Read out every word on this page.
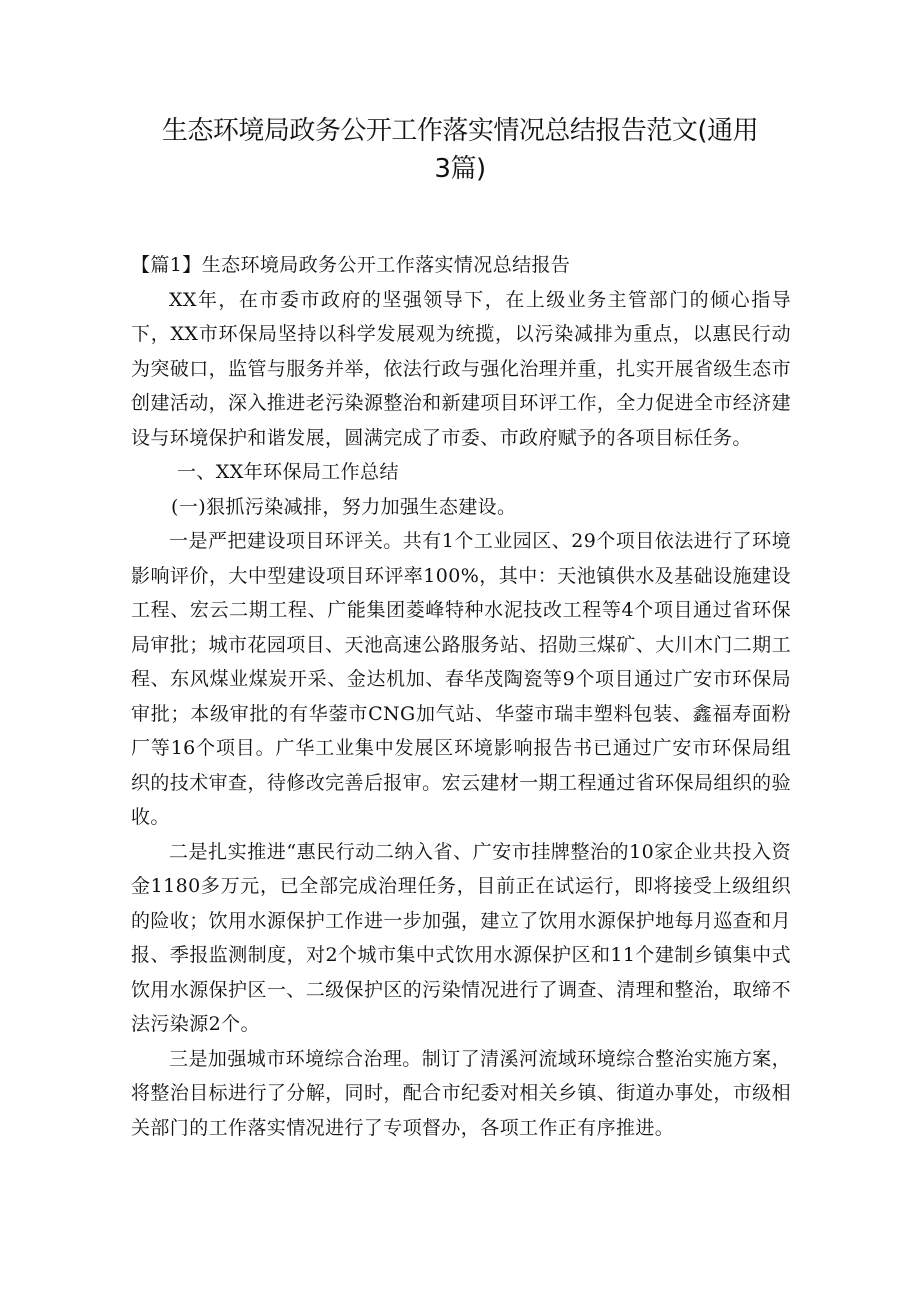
生态环境局政务公开工作落实情况总结报告范文(通用
3篇)

【篇1】生态环境局政务公开工作落实情况总结报告

XX年，在市委市政府的坚强领导下，在上级业务主管部门的倾心指导下，XX市环保局坚持以科学发展观为统揽，以污染减排为重点，以惠民行动为突破口，监管与服务并举，依法行政与强化治理并重，扎实开展省级生态市创建活动，深入推进老污染源整治和新建项目环评工作，全力促进全市经济建设与环境保护和谐发展，圆满完成了市委、市政府赋予的各项目标任务。

一、XX年环保局工作总结

(一)狠抓污染减排，努力加强生态建设。

一是严把建设项目环评关。共有1个工业园区、29个项目依法进行了环境影响评价，大中型建设项目环评率100%，其中：天池镇供水及基础设施建设工程、宏云二期工程、广能集团菱峰特种水泥技改工程等4个项目通过省环保局审批；城市花园项目、天池高速公路服务站、招勋三煤矿、大川木门二期工程、东风煤业煤炭开采、金达机加、春华茂陶瓷等9个项目通过广安市环保局审批；本级审批的有华蓥市CNG加气站、华蓥市瑞丰塑料包装、鑫福寿面粉厂等16个项目。广华工业集中发展区环境影响报告书已通过广安市环保局组织的技术审查，待修改完善后报审。宏云建材一期工程通过省环保局组织的验收。

二是扎实推进“惠民行动二纳入省、广安市挂牌整治的10家企业共投入资金1180多万元，已全部完成治理任务，目前正在试运行，即将接受上级组织的险收；饮用水源保护工作进一步加强，建立了饮用水源保护地每月巡查和月报、季报监测制度，对2个城市集中式饮用水源保护区和11个建制乡镇集中式饮用水源保护区一、二级保护区的污染情况进行了调查、清理和整治，取缔不法污染源2个。

三是加强城市环境综合治理。制订了清溪河流域环境综合整治实施方案，将整治目标进行了分解，同时，配合市纪委对相关乡镇、街道办事处，市级相关部门的工作落实情况进行了专项督办，各项工作正有序推进。
